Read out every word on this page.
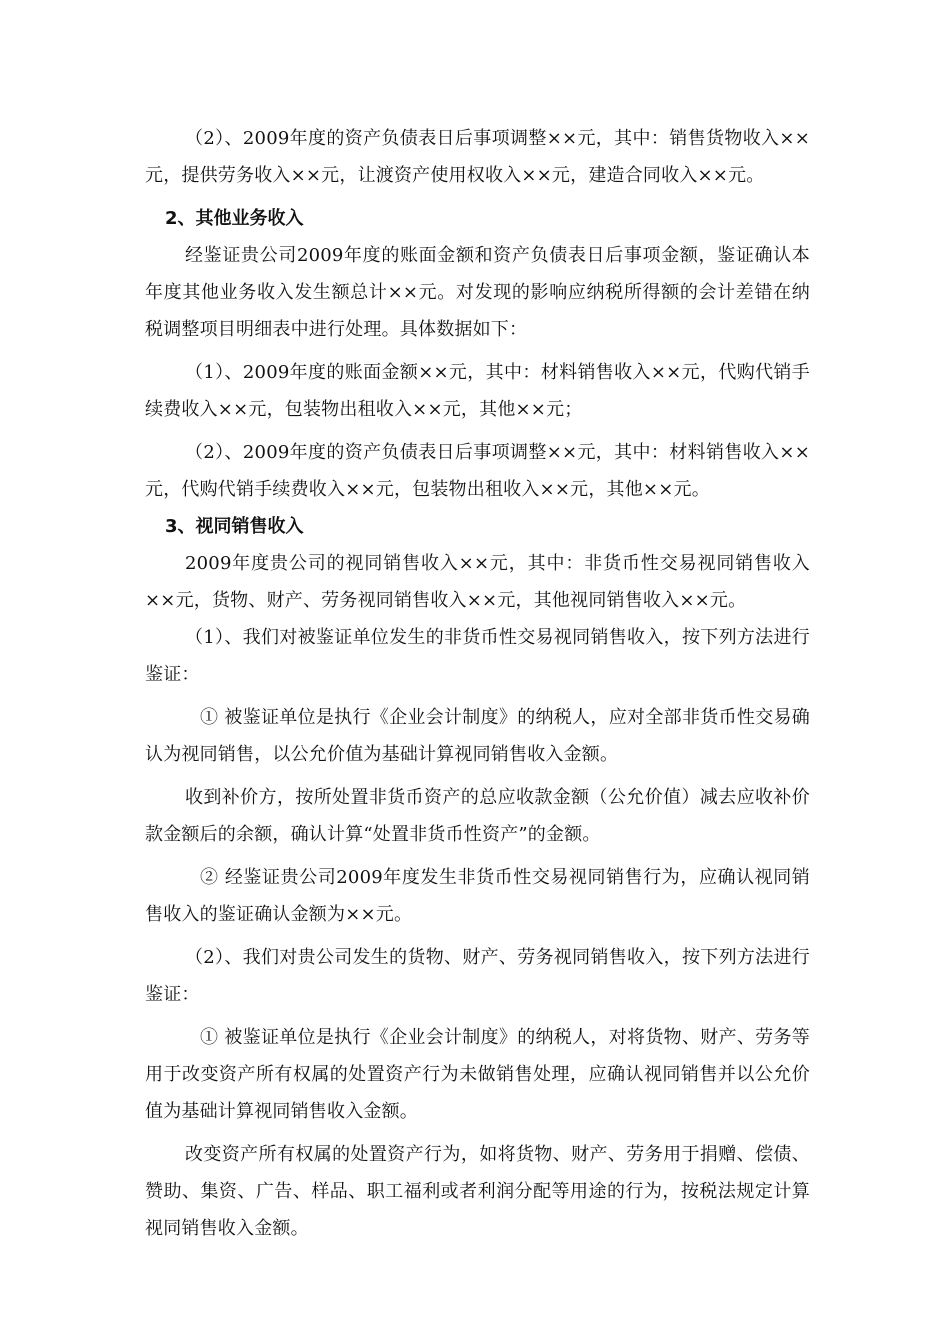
（2）、2009年度的资产负债表日后事项调整××元，其中：销售货物收入××元，提供劳务收入××元，让渡资产使用权收入××元，建造合同收入××元。

2、其他业务收入

经鉴证贵公司2009年度的账面金额和资产负债表日后事项金额，鉴证确认本年度其他业务收入发生额总计××元。对发现的影响应纳税所得额的会计差错在纳税调整项目明细表中进行处理。具体数据如下：

（1）、2009年度的账面金额××元，其中：材料销售收入××元，代购代销手续费收入××元，包装物出租收入××元，其他××元；

（2）、2009年度的资产负债表日后事项调整××元，其中：材料销售收入××元，代购代销手续费收入××元，包装物出租收入××元，其他××元。

3、视同销售收入

2009年度贵公司的视同销售收入××元，其中：非货币性交易视同销售收入××元，货物、财产、劳务视同销售收入××元，其他视同销售收入××元。

（1）、我们对被鉴证单位发生的非货币性交易视同销售收入，按下列方法进行鉴证：

① 被鉴证单位是执行《企业会计制度》的纳税人，应对全部非货币性交易确认为视同销售，以公允价值为基础计算视同销售收入金额。

收到补价方，按所处置非货币资产的总应收款金额（公允价值）减去应收补价款金额后的余额，确认计算“处置非货币性资产”的金额。

② 经鉴证贵公司2009年度发生非货币性交易视同销售行为，应确认视同销售收入的鉴证确认金额为××元。

（2）、我们对贵公司发生的货物、财产、劳务视同销售收入，按下列方法进行鉴证：

① 被鉴证单位是执行《企业会计制度》的纳税人，对将货物、财产、劳务等用于改变资产所有权属的处置资产行为未做销售处理，应确认视同销售并以公允价值为基础计算视同销售收入金额。

改变资产所有权属的处置资产行为，如将货物、财产、劳务用于捐赠、偿债、赞助、集资、广告、样品、职工福利或者利润分配等用途的行为，按税法规定计算视同销售收入金额。
